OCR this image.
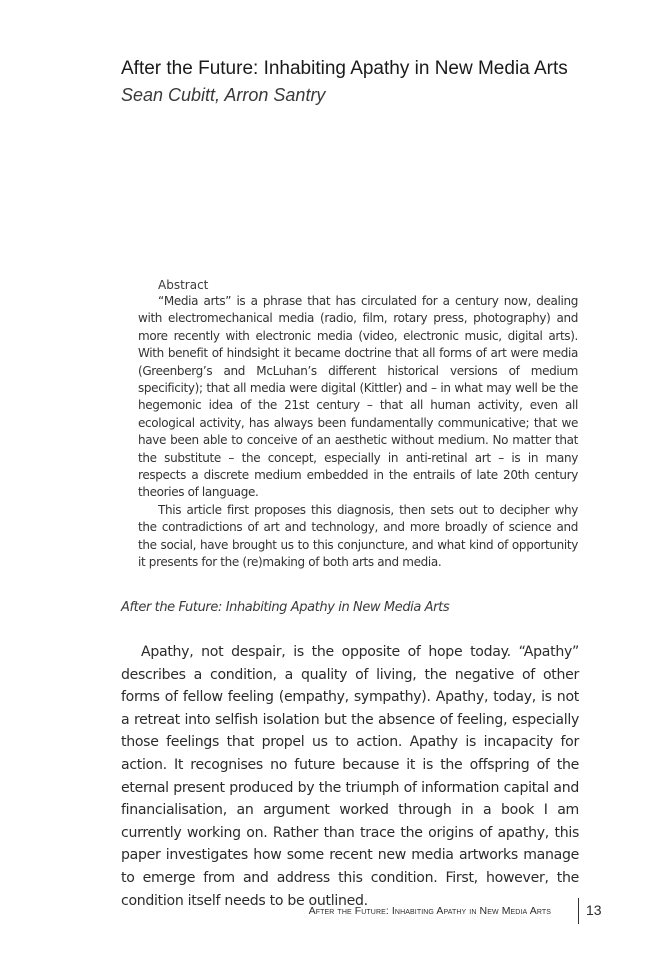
After the Future: Inhabiting Apathy in New Media Arts
Sean Cubitt, Arron Santry
Abstract

“Media arts” is a phrase that has circulated for a century now, dealing with electromechanical media (radio, film, rotary press, photography) and more recently with electronic media (video, electronic music, digital arts). With benefit of hindsight it became doctrine that all forms of art were media (Greenberg’s and McLuhan’s different historical versions of medium specificity); that all media were digital (Kittler) and – in what may well be the hegemonic idea of the 21st century – that all human activity, even all ecological activity, has always been fundamentally communicative; that we have been able to conceive of an aesthetic without medium. No matter that the substitute – the concept, especially in anti-retinal art – is in many respects a discrete medium embedded in the entrails of late 20th century theories of language.

This article first proposes this diagnosis, then sets out to decipher why the contradictions of art and technology, and more broadly of science and the social, have brought us to this conjuncture, and what kind of opportunity it presents for the (re)making of both arts and media.

After the Future: Inhabiting Apathy in New Media Arts

Apathy, not despair, is the opposite of hope today. “Apathy” describes a condition, a quality of living, the negative of other forms of fellow feeling (empathy, sympathy). Apathy, today, is not a retreat into selfish isolation but the absence of feeling, especially those feelings that propel us to action. Apathy is incapacity for action. It recognises no future because it is the offspring of the eternal present produced by the triumph of information capital and financialisation, an argument worked through in a book I am currently working on. Rather than trace the origins of apathy, this paper investigates how some recent new media artworks manage to emerge from and address this condition. First, however, the condition itself needs to be outlined.

After the Future: Inhabiting Apathy in New Media Arts	13
